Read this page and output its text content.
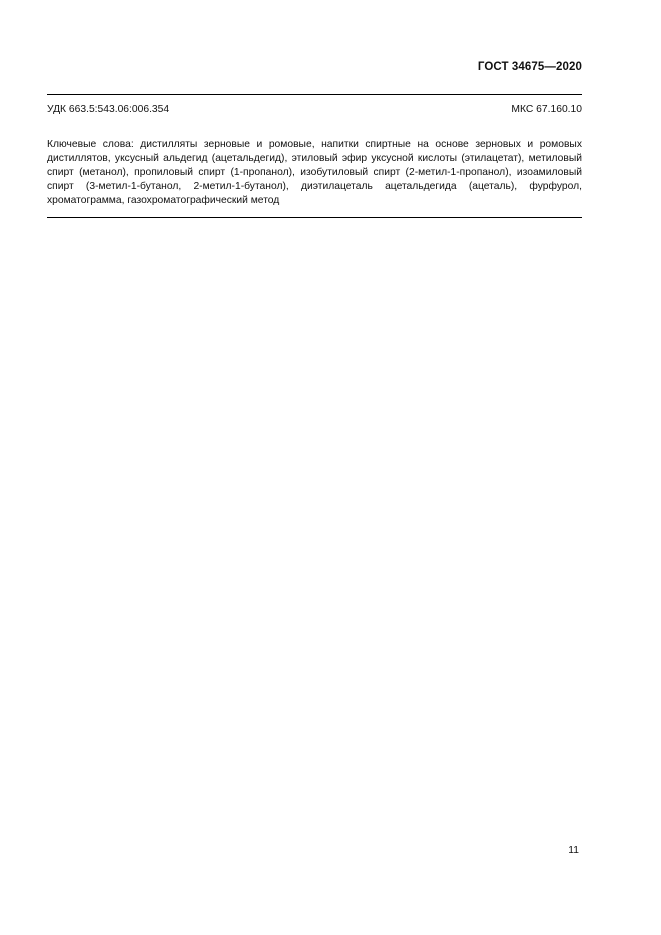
ГОСТ 34675—2020
УДК 663.5:543.06:006.354	МКС 67.160.10

Ключевые слова: дистилляты зерновые и ромовые, напитки спиртные на основе зерновых и ромовых дистиллятов, уксусный альдегид (ацетальдегид), этиловый эфир уксусной кислоты (этилацетат), метиловый спирт (метанол), пропиловый спирт (1-пропанол), изобутиловый спирт (2-метил-1-пропанол), изоамиловый спирт (3-метил-1-бутанол, 2-метил-1-бутанол), диэтилацеталь ацетальдегида (ацеталь), фурфурол, хроматограмма, газохроматографический метод

11
